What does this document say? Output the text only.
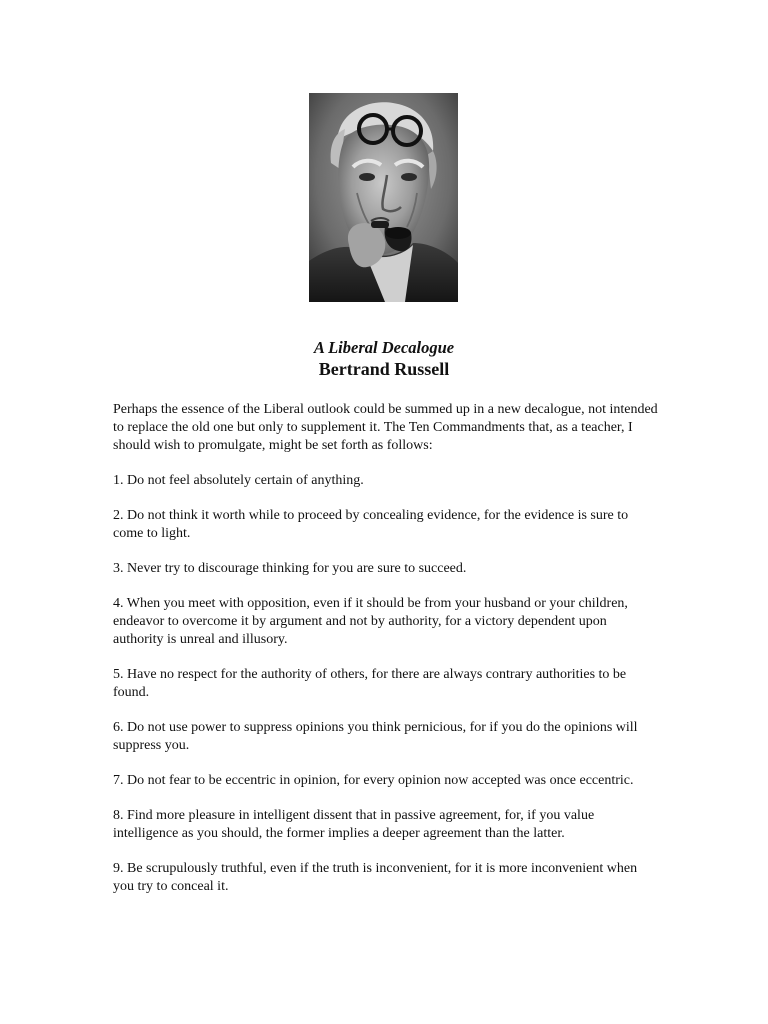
A Liberal Decalogue
Bertrand Russell

Perhaps the essence of the Liberal outlook could be summed up in a new decalogue, not intended to replace the old one but only to supplement it. The Ten Commandments that, as a teacher, I should wish to promulgate, might be set forth as follows:

1. Do not feel absolutely certain of anything.

2. Do not think it worth while to proceed by concealing evidence, for the evidence is sure to come to light.

3. Never try to discourage thinking for you are sure to succeed.

4. When you meet with opposition, even if it should be from your husband or your children, endeavor to overcome it by argument and not by authority, for a victory dependent upon authority is unreal and illusory.

5. Have no respect for the authority of others, for there are always contrary authorities to be found.

6. Do not use power to suppress opinions you think pernicious, for if you do the opinions will suppress you.

7. Do not fear to be eccentric in opinion, for every opinion now accepted was once eccentric.

8. Find more pleasure in intelligent dissent that in passive agreement, for, if you value intelligence as you should, the former implies a deeper agreement than the latter.

9. Be scrupulously truthful, even if the truth is inconvenient, for it is more inconvenient when you try to conceal it.
